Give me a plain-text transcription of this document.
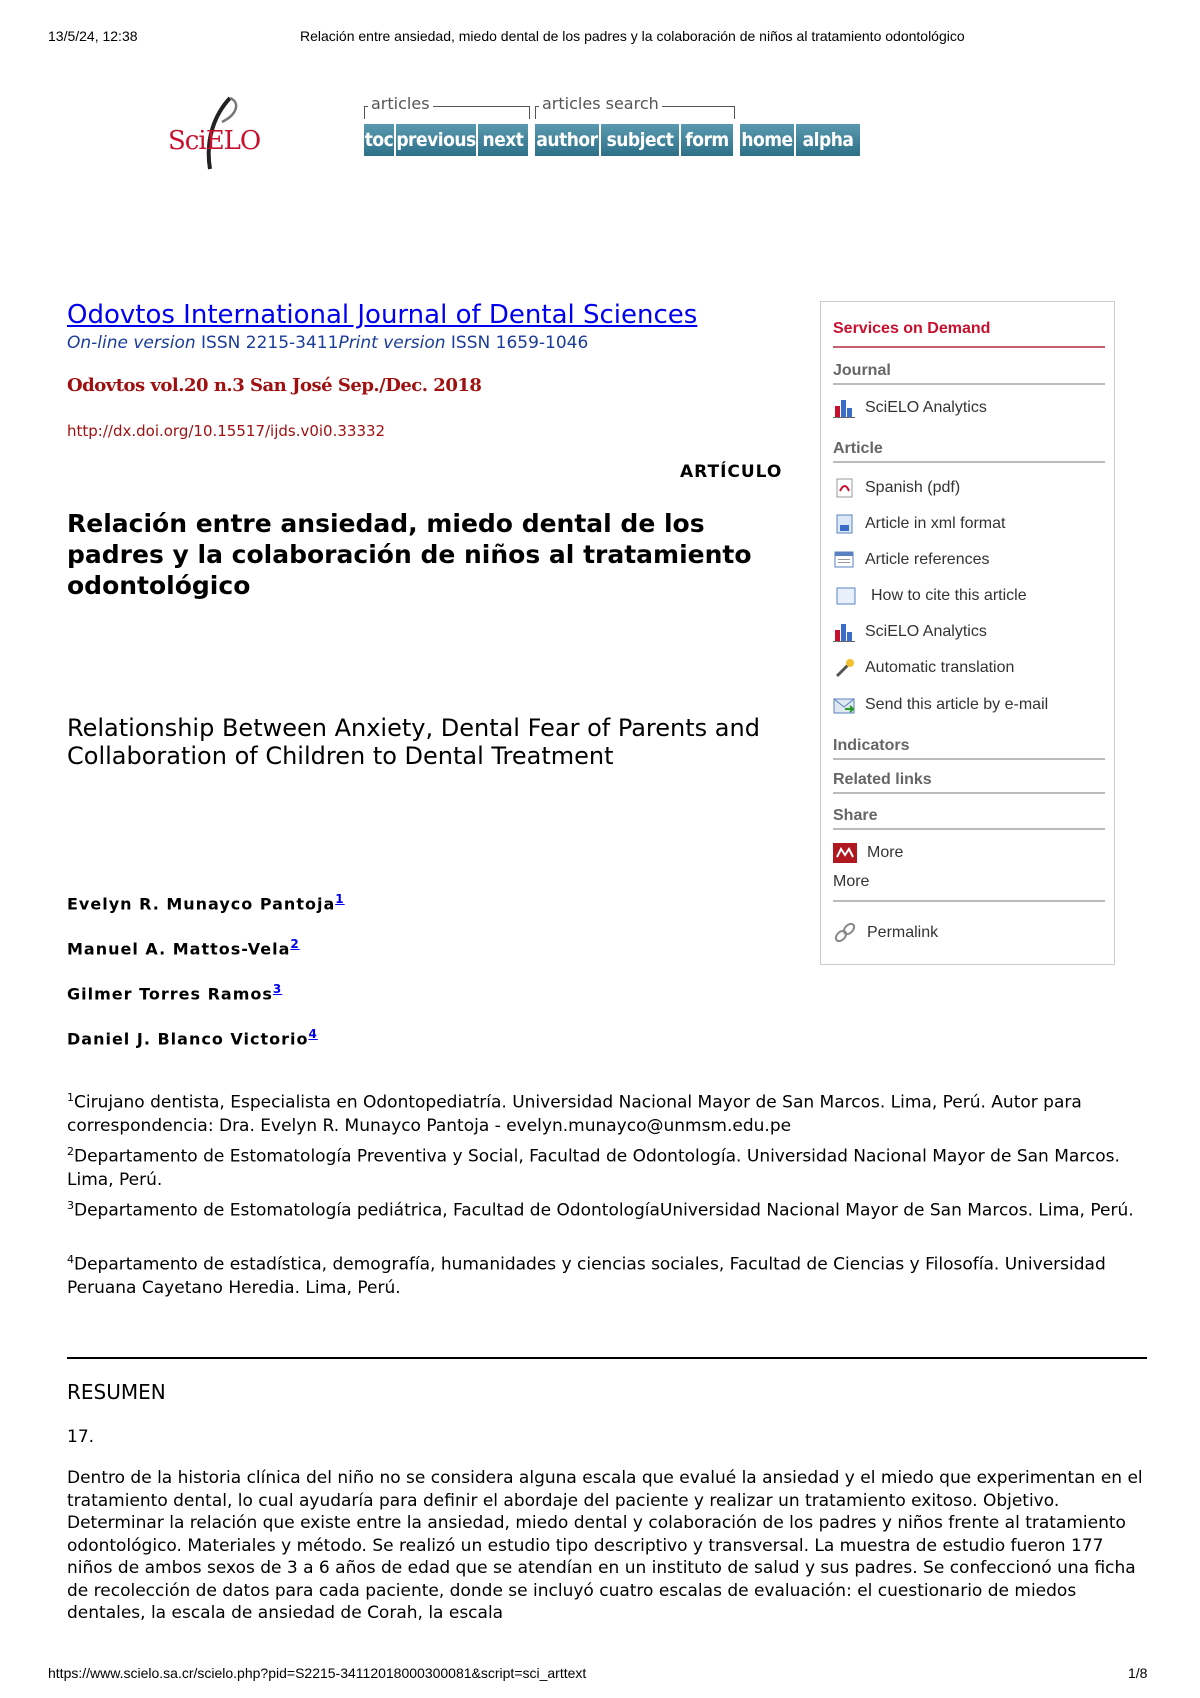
13/5/24, 12:38	Relación entre ansiedad, miedo dental de los padres y la colaboración de niños al tratamiento odontológico
SciELO
articles	articles search
toc previous next author subject form home alpha
Odovtos International Journal of Dental Sciences
On-line version ISSN 2215-3411Print version ISSN 1659-1046
Odovtos vol.20 n.3 San José Sep./Dec. 2018
http://dx.doi.org/10.15517/ijds.v0i0.33332
ARTÍCULO
Relación entre ansiedad, miedo dental de los padres y la colaboración de niños al tratamiento odontológico
Relationship Between Anxiety, Dental Fear of Parents and Collaboration of Children to Dental Treatment
Evelyn R. Munayco Pantoja$^1$
Manuel A. Mattos-Vela$^2$
Gilmer Torres Ramos$^3$
Daniel J. Blanco Victorio$^4$
$^1$Cirujano dentista, Especialista en Odontopediatría. Universidad Nacional Mayor de San Marcos. Lima, Perú. Autor para correspondencia: Dra. Evelyn R. Munayco Pantoja - evelyn.munayco@unmsm.edu.pe
$^2$Departamento de Estomatología Preventiva y Social, Facultad de Odontología. Universidad Nacional Mayor de San Marcos. Lima, Perú.
$^3$Departamento de Estomatología pediátrica, Facultad de OdontologíaUniversidad Nacional Mayor de San Marcos. Lima, Perú.
$^4$Departamento de estadística, demografía, humanidades y ciencias sociales, Facultad de Ciencias y Filosofía. Universidad Peruana Cayetano Heredia. Lima, Perú.
RESUMEN
17.
Dentro de la historia clínica del niño no se considera alguna escala que evalué la ansiedad y el miedo que experimentan en el tratamiento dental, lo cual ayudaría para definir el abordaje del paciente y realizar un tratamiento exitoso. Objetivo. Determinar la relación que existe entre la ansiedad, miedo dental y colaboración de los padres y niños frente al tratamiento odontológico. Materiales y método. Se realizó un estudio tipo descriptivo y transversal. La muestra de estudio fueron 177 niños de ambos sexos de 3 a 6 años de edad que se atendían en un instituto de salud y sus padres. Se confeccionó una ficha de recolección de datos para cada paciente, donde se incluyó cuatro escalas de evaluación: el cuestionario de miedos dentales, la escala de ansiedad de Corah, la escala
Services on Demand
Journal
SciELO Analytics
Article
Spanish (pdf)
Article in xml format
Article references
How to cite this article
SciELO Analytics
Automatic translation
Send this article by e-mail
Indicators
Related links
Share
More
More
Permalink
https://www.scielo.sa.cr/scielo.php?pid=S2215-34112018000300081&script=sci_arttext	1/8
